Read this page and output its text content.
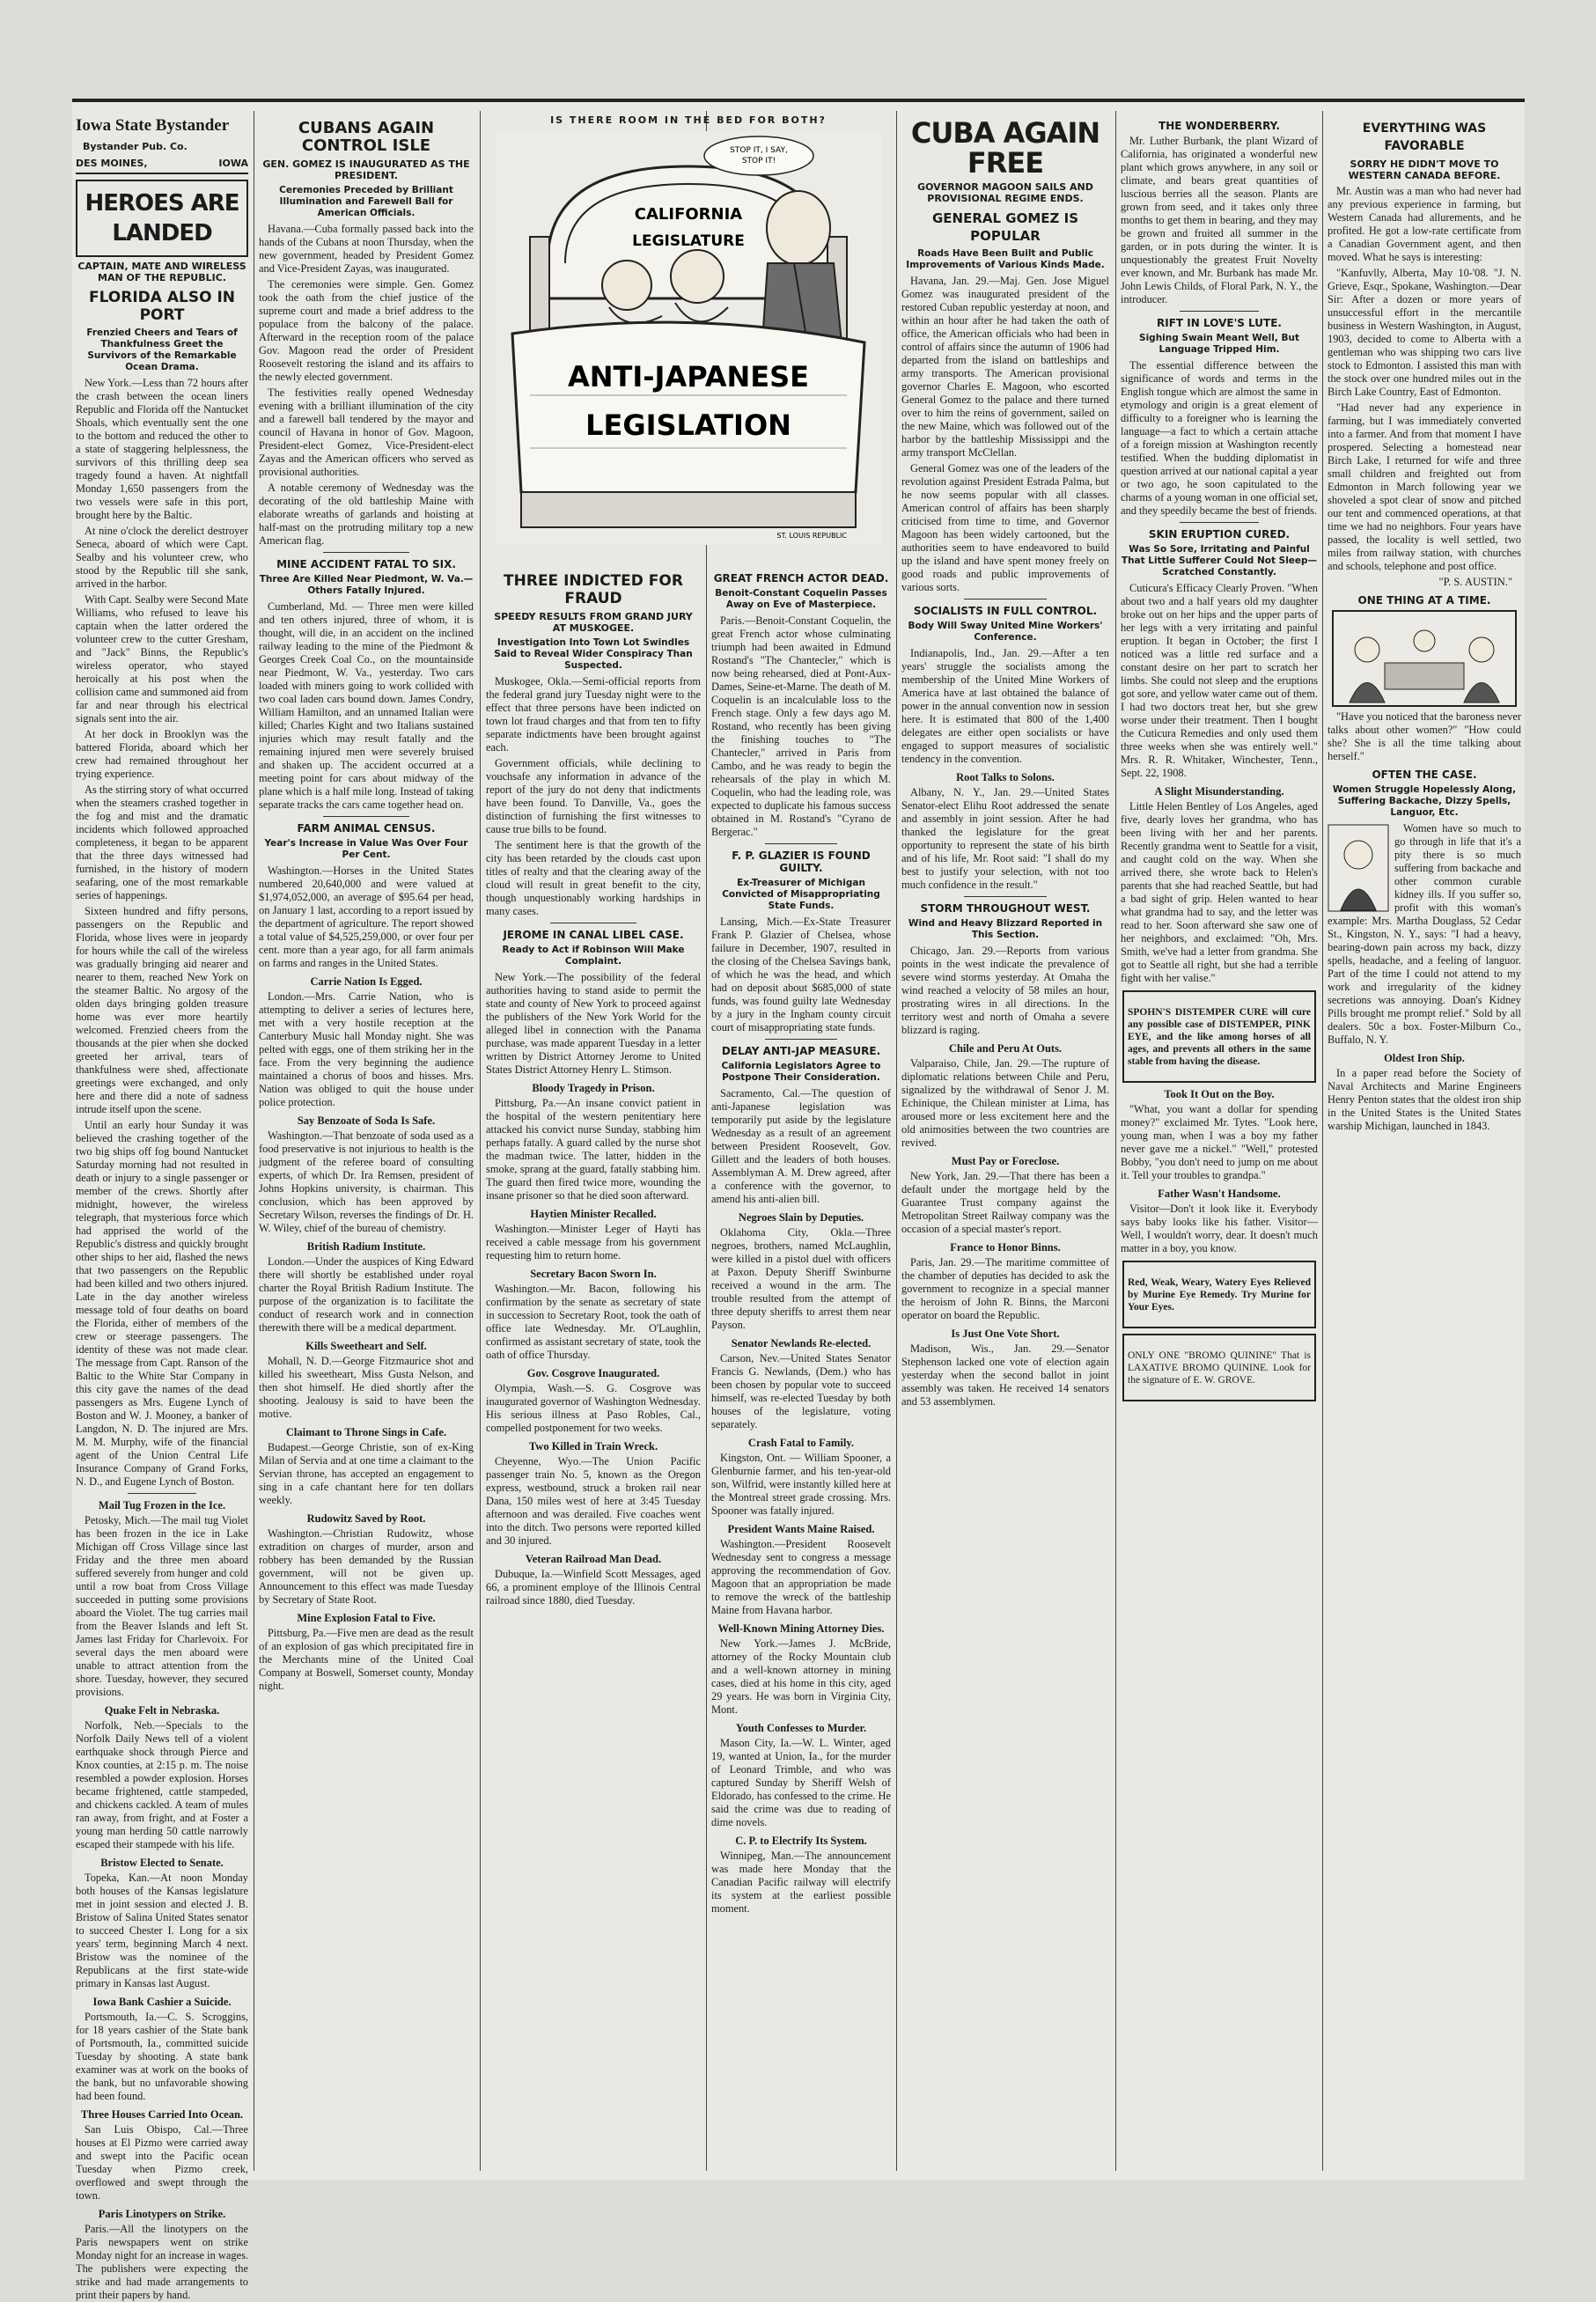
Iowa State Bystander
Bystander Pub. Co.
DES MOINES,	IOWA
HEROES ARE LANDED
CAPTAIN, MATE AND WIRELESS MAN OF THE REPUBLIC.
FLORIDA ALSO IN PORT
Frenzied Cheers and Tears of Thankfulness Greet the Survivors of the Remarkable Ocean Drama.

New York.—Less than 72 hours after the crash between the ocean liners Republic and Florida off the Nantucket Shoals, which eventually sent the one to the bottom and reduced the other to a state of staggering helplessness, the survivors of this thrilling deep sea tragedy found a haven. At nightfall Monday 1,650 passengers from the two vessels were safe in this port, brought here by the Baltic.

At nine o'clock the derelict destroyer Seneca, aboard of which were Capt. Sealby and his volunteer crew, who stood by the Republic till she sank, arrived in the harbor.

With Capt. Sealby were Second Mate Williams, who refused to leave his captain when the latter ordered the volunteer crew to the cutter Gresham, and "Jack" Binns, the Republic's wireless operator, who stayed heroically at his post when the collision came and summoned aid from far and near through his electrical signals sent into the air.

At her dock in Brooklyn was the battered Florida, aboard which her crew had remained throughout her trying experience.

As the stirring story of what occurred when the steamers crashed together in the fog and mist and the dramatic incidents which followed approached completeness, it began to be apparent that the three days witnessed had furnished, in the history of modern seafaring, one of the most remarkable series of happenings.

Sixteen hundred and fifty persons, passengers on the Republic and Florida, whose lives were in jeopardy for hours while the call of the wireless was gradually bringing aid nearer and nearer to them, reached New York on the steamer Baltic. No argosy of the olden days bringing golden treasure home was ever more heartily welcomed. Frenzied cheers from the thousands at the pier when she docked greeted her arrival, tears of thankfulness were shed, affectionate greetings were exchanged, and only here and there did a note of sadness intrude itself upon the scene.

Until an early hour Sunday it was believed the crashing together of the two big ships off fog bound Nantucket Saturday morning had not resulted in death or injury to a single passenger or member of the crews. Shortly after midnight, however, the wireless telegraph, that mysterious force which had apprised the world of the Republic's distress and quickly brought other ships to her aid, flashed the news that two passengers on the Republic had been killed and two others injured. Late in the day another wireless message told of four deaths on board the Florida, either of members of the crew or steerage passengers. The identity of these was not made clear. The message from Capt. Ranson of the Baltic to the White Star Company in this city gave the names of the dead passengers as Mrs. Eugene Lynch of Boston and W. J. Mooney, a banker of Langdon, N. D. The injured are Mrs. M. M. Murphy, wife of the financial agent of the Union Central Life Insurance Company of Grand Forks, N. D., and Eugene Lynch of Boston.

Mail Tug Frozen in the Ice.

Petosky, Mich.—The mail tug Violet has been frozen in the ice in Lake Michigan off Cross Village since last Friday and the three men aboard suffered severely from hunger and cold until a row boat from Cross Village succeeded in putting some provisions aboard the Violet. The tug carries mail from the Beaver Islands and left St. James last Friday for Charlevoix. For several days the men aboard were unable to attract attention from the shore. Tuesday, however, they secured provisions.

Quake Felt in Nebraska.

Norfolk, Neb.—Specials to the Norfolk Daily News tell of a violent earthquake shock through Pierce and Knox counties, at 2:15 p. m. The noise resembled a powder explosion. Horses became frightened, cattle stampeded, and chickens cackled. A team of mules ran away, from fright, and at Foster a young man herding 50 cattle narrowly escaped their stampede with his life.

Bristow Elected to Senate.

Topeka, Kan.—At noon Monday both houses of the Kansas legislature met in joint session and elected J. B. Bristow of Salina United States senator to succeed Chester I. Long for a six years' term, beginning March 4 next. Bristow was the nominee of the Republicans at the first state-wide primary in Kansas last August.

Iowa Bank Cashier a Suicide.

Portsmouth, Ia.—C. S. Scroggins, for 18 years cashier of the State bank of Portsmouth, Ia., committed suicide Tuesday by shooting. A state bank examiner was at work on the books of the bank, but no unfavorable showing had been found.

Three Houses Carried Into Ocean.

San Luis Obispo, Cal.—Three houses at El Pizmo were carried away and swept into the Pacific ocean Tuesday when Pizmo creek, overflowed and swept through the town.

Paris Linotypers on Strike.

Paris.—All the linotypers on the Paris newspapers went on strike Monday night for an increase in wages. The publishers were expecting the strike and had made arrangements to print their papers by hand.

CUBANS AGAIN CONTROL ISLE
GEN. GOMEZ IS INAUGURATED AS THE PRESIDENT.
Ceremonies Preceded by Brilliant Illumination and Farewell Ball for American Officials.

Havana.—Cuba formally passed back into the hands of the Cubans at noon Thursday, when the new government, headed by President Gomez and Vice-President Zayas, was inaugurated.

The ceremonies were simple. Gen. Gomez took the oath from the chief justice of the supreme court and made a brief address to the populace from the balcony of the palace. Afterward in the reception room of the palace Gov. Magoon read the order of President Roosevelt restoring the island and its affairs to the newly elected government.

The festivities really opened Wednesday evening with a brilliant illumination of the city and a farewell ball tendered by the mayor and council of Havana in honor of Gov. Magoon, President-elect Gomez, Vice-President-elect Zayas and the American officers who served as provisional authorities.

A notable ceremony of Wednesday was the decorating of the old battleship Maine with elaborate wreaths of garlands and hoisting at half-mast on the protruding military top a new American flag.

MINE ACCIDENT FATAL TO SIX.
Three Are Killed Near Piedmont, W. Va.—Others Fatally Injured.

Cumberland, Md. — Three men were killed and ten others injured, three of whom, it is thought, will die, in an accident on the inclined railway leading to the mine of the Piedmont & Georges Creek Coal Co., on the mountainside near Piedmont, W. Va., yesterday. Two cars loaded with miners going to work collided with two coal laden cars bound down. James Condry, William Hamilton, and an unnamed Italian were killed; Charles Kight and two Italians sustained injuries which may result fatally and the remaining injured men were severely bruised and shaken up. The accident occurred at a meeting point for cars about midway of the plane which is a half mile long. Instead of taking separate tracks the cars came together head on.

FARM ANIMAL CENSUS.
Year's Increase in Value Was Over Four Per Cent.

Washington.—Horses in the United States numbered 20,640,000 and were valued at $1,974,052,000, an average of $95.64 per head, on January 1 last, according to a report issued by the department of agriculture. The report showed a total value of $4,525,259,000, or over four per cent. more than a year ago, for all farm animals on farms and ranges in the United States.

Carrie Nation Is Egged.

London.—Mrs. Carrie Nation, who is attempting to deliver a series of lectures here, met with a very hostile reception at the Canterbury Music hall Monday night. She was pelted with eggs, one of them striking her in the face. From the very beginning the audience maintained a chorus of boos and hisses. Mrs. Nation was obliged to quit the house under police protection.

Say Benzoate of Soda Is Safe.

Washington.—That benzoate of soda used as a food preservative is not injurious to health is the judgment of the referee board of consulting experts, of which Dr. Ira Remsen, president of Johns Hopkins university, is chairman. This conclusion, which has been approved by Secretary Wilson, reverses the findings of Dr. H. W. Wiley, chief of the bureau of chemistry.

British Radium Institute.

London.—Under the auspices of King Edward there will shortly be established under royal charter the Royal British Radium Institute. The purpose of the organization is to facilitate the conduct of research work and in connection therewith there will be a medical department.

Kills Sweetheart and Self.

Mohall, N. D.—George Fitzmaurice shot and killed his sweetheart, Miss Gusta Nelson, and then shot himself. He died shortly after the shooting. Jealousy is said to have been the motive.

Claimant to Throne Sings in Cafe.

Budapest.—George Christie, son of ex-King Milan of Servia and at one time a claimant to the Servian throne, has accepted an engagement to sing in a cafe chantant here for ten dollars weekly.

Rudowitz Saved by Root.

Washington.—Christian Rudowitz, whose extradition on charges of murder, arson and robbery has been demanded by the Russian government, will not be given up. Announcement to this effect was made Tuesday by Secretary of State Root.

Mine Explosion Fatal to Five.

Pittsburg, Pa.—Five men are dead as the result of an explosion of gas which precipitated fire in the Merchants mine of the United Coal Company at Boswell, Somerset county, Monday night.

IS THERE ROOM IN THE BED FOR BOTH?
CALIFORNIA
LEGISLATURE
STOP IT, I SAY,
STOP IT!
ANTI-JAPANESE
LEGISLATION
ST. LOUIS REPUBLIC
THREE INDICTED FOR FRAUD
SPEEDY RESULTS FROM GRAND JURY AT MUSKOGEE.
Investigation Into Town Lot Swindles Said to Reveal Wider Conspiracy Than Suspected.

Muskogee, Okla.—Semi-official reports from the federal grand jury Tuesday night were to the effect that three persons have been indicted on town lot fraud charges and that from ten to fifty separate indictments have been brought against each.

Government officials, while declining to vouchsafe any information in advance of the report of the jury do not deny that indictments have been found. To Danville, Va., goes the distinction of furnishing the first witnesses to cause true bills to be found.

The sentiment here is that the growth of the city has been retarded by the clouds cast upon titles of realty and that the clearing away of the cloud will result in great benefit to the city, though unquestionably working hardships in many cases.

JEROME IN CANAL LIBEL CASE.
Ready to Act if Robinson Will Make Complaint.

New York.—The possibility of the federal authorities having to stand aside to permit the state and county of New York to proceed against the publishers of the New York World for the alleged libel in connection with the Panama purchase, was made apparent Tuesday in a letter written by District Attorney Jerome to United States District Attorney Henry L. Stimson.

Bloody Tragedy in Prison.

Pittsburg, Pa.—An insane convict patient in the hospital of the western penitentiary here attacked his convict nurse Sunday, stabbing him perhaps fatally. A guard called by the nurse shot the madman twice. The latter, hidden in the smoke, sprang at the guard, fatally stabbing him. The guard then fired twice more, wounding the insane prisoner so that he died soon afterward.

Haytien Minister Recalled.

Washington.—Minister Leger of Hayti has received a cable message from his government requesting him to return home.

Secretary Bacon Sworn In.

Washington.—Mr. Bacon, following his confirmation by the senate as secretary of state in succession to Secretary Root, took the oath of office late Wednesday. Mr. O'Laughlin, confirmed as assistant secretary of state, took the oath of office Thursday.

Gov. Cosgrove Inaugurated.

Olympia, Wash.—S. G. Cosgrove was inaugurated governor of Washington Wednesday. His serious illness at Paso Robles, Cal., compelled postponement for two weeks.

Two Killed in Train Wreck.

Cheyenne, Wyo.—The Union Pacific passenger train No. 5, known as the Oregon express, westbound, struck a broken rail near Dana, 150 miles west of here at 3:45 Tuesday afternoon and was derailed. Five coaches went into the ditch. Two persons were reported killed and 30 injured.

Veteran Railroad Man Dead.

Dubuque, Ia.—Winfield Scott Messages, aged 66, a prominent employe of the Illinois Central railroad since 1880, died Tuesday.

GREAT FRENCH ACTOR DEAD.
Benoit-Constant Coquelin Passes Away on Eve of Masterpiece.

Paris.—Benoit-Constant Coquelin, the great French actor whose culminating triumph had been awaited in Edmund Rostand's "The Chantecler," which is now being rehearsed, died at Pont-Aux-Dames, Seine-et-Marne. The death of M. Coquelin is an incalculable loss to the French stage. Only a few days ago M. Rostand, who recently has been giving the finishing touches to "The Chantecler," arrived in Paris from Cambo, and he was ready to begin the rehearsals of the play in which M. Coquelin, who had the leading role, was expected to duplicate his famous success obtained in M. Rostand's "Cyrano de Bergerac."

F. P. GLAZIER IS FOUND GUILTY.
Ex-Treasurer of Michigan Convicted of Misappropriating State Funds.

Lansing, Mich.—Ex-State Treasurer Frank P. Glazier of Chelsea, whose failure in December, 1907, resulted in the closing of the Chelsea Savings bank, of which he was the head, and which had on deposit about $685,000 of state funds, was found guilty late Wednesday by a jury in the Ingham county circuit court of misappropriating state funds.

DELAY ANTI-JAP MEASURE.
California Legislators Agree to Postpone Their Consideration.

Sacramento, Cal.—The question of anti-Japanese legislation was temporarily put aside by the legislature Wednesday as a result of an agreement between President Roosevelt, Gov. Gillett and the leaders of both houses. Assemblyman A. M. Drew agreed, after a conference with the governor, to amend his anti-alien bill.

Negroes Slain by Deputies.

Oklahoma City, Okla.—Three negroes, brothers, named McLaughlin, were killed in a pistol duel with officers at Paxon. Deputy Sheriff Swinburne received a wound in the arm. The trouble resulted from the attempt of three deputy sheriffs to arrest them near Payson.

Senator Newlands Re-elected.

Carson, Nev.—United States Senator Francis G. Newlands, (Dem.) who has been chosen by popular vote to succeed himself, was re-elected Tuesday by both houses of the legislature, voting separately.

Crash Fatal to Family.

Kingston, Ont. — William Spooner, a Glenburnie farmer, and his ten-year-old son, Wilfrid, were instantly killed here at the Montreal street grade crossing. Mrs. Spooner was fatally injured.

President Wants Maine Raised.

Washington.—President Roosevelt Wednesday sent to congress a message approving the recommendation of Gov. Magoon that an appropriation be made to remove the wreck of the battleship Maine from Havana harbor.

Well-Known Mining Attorney Dies.

New York.—James J. McBride, attorney of the Rocky Mountain club and a well-known attorney in mining cases, died at his home in this city, aged 29 years. He was born in Virginia City, Mont.

Youth Confesses to Murder.

Mason City, Ia.—W. L. Winter, aged 19, wanted at Union, Ia., for the murder of Leonard Trimble, and who was captured Sunday by Sheriff Welsh of Eldorado, has confessed to the crime. He said the crime was due to reading of dime novels.

C. P. to Electrify Its System.

Winnipeg, Man.—The announcement was made here Monday that the Canadian Pacific railway will electrify its system at the earliest possible moment.

CUBA AGAIN FREE
GOVERNOR MAGOON SAILS AND PROVISIONAL REGIME ENDS.
GENERAL GOMEZ IS POPULAR
Roads Have Been Built and Public Improvements of Various Kinds Made.

Havana, Jan. 29.—Maj. Gen. Jose Miguel Gomez was inaugurated president of the restored Cuban republic yesterday at noon, and within an hour after he had taken the oath of office, the American officials who had been in control of affairs since the autumn of 1906 had departed from the island on battleships and army transports. The American provisional governor Charles E. Magoon, who escorted General Gomez to the palace and there turned over to him the reins of government, sailed on the new Maine, which was followed out of the harbor by the battleship Mississippi and the army transport McClellan.

General Gomez was one of the leaders of the revolution against President Estrada Palma, but he now seems popular with all classes. American control of affairs has been sharply criticised from time to time, and Governor Magoon has been widely cartooned, but the authorities seem to have endeavored to build up the island and have spent money freely on good roads and public improvements of various sorts.

SOCIALISTS IN FULL CONTROL.
Body Will Sway United Mine Workers' Conference.

Indianapolis, Ind., Jan. 29.—After a ten years' struggle the socialists among the membership of the United Mine Workers of America have at last obtained the balance of power in the annual convention now in session here. It is estimated that 800 of the 1,400 delegates are either open socialists or have engaged to support measures of socialistic tendency in the convention.

Root Talks to Solons.

Albany, N. Y., Jan. 29.—United States Senator-elect Elihu Root addressed the senate and assembly in joint session. After he had thanked the legislature for the great opportunity to represent the state of his birth and of his life, Mr. Root said: "I shall do my best to justify your selection, with not too much confidence in the result."

STORM THROUGHOUT WEST.
Wind and Heavy Blizzard Reported in This Section.

Chicago, Jan. 29.—Reports from various points in the west indicate the prevalence of severe wind storms yesterday. At Omaha the wind reached a velocity of 58 miles an hour, prostrating wires in all directions. In the territory west and north of Omaha a severe blizzard is raging.

Chile and Peru At Outs.

Valparaiso, Chile, Jan. 29.—The rupture of diplomatic relations between Chile and Peru, signalized by the withdrawal of Senor J. M. Echinique, the Chilean minister at Lima, has aroused more or less excitement here and the old animosities between the two countries are revived.

Must Pay or Foreclose.

New York, Jan. 29.—That there has been a default under the mortgage held by the Guarantee Trust company against the Metropolitan Street Railway company was the occasion of a special master's report.

France to Honor Binns.

Paris, Jan. 29.—The maritime committee of the chamber of deputies has decided to ask the government to recognize in a special manner the heroism of John R. Binns, the Marconi operator on board the Republic.

Is Just One Vote Short.

Madison, Wis., Jan. 29.—Senator Stephenson lacked one vote of election again yesterday when the second ballot in joint assembly was taken. He received 14 senators and 53 assemblymen.

THE WONDERBERRY.

Mr. Luther Burbank, the plant Wizard of California, has originated a wonderful new plant which grows anywhere, in any soil or climate, and bears great quantities of luscious berries all the season. Plants are grown from seed, and it takes only three months to get them in bearing, and they may be grown and fruited all summer in the garden, or in pots during the winter. It is unquestionably the greatest Fruit Novelty ever known, and Mr. Burbank has made Mr. John Lewis Childs, of Floral Park, N. Y., the introducer.

RIFT IN LOVE'S LUTE.
Sighing Swain Meant Well, But Language Tripped Him.

The essential difference between the significance of words and terms in the English tongue which are almost the same in etymology and origin is a great element of difficulty to a foreigner who is learning the language—a fact to which a certain attache of a foreign mission at Washington recently testified. When the budding diplomatist in question arrived at our national capital a year or two ago, he soon capitulated to the charms of a young woman in one official set, and they speedily became the best of friends.

SKIN ERUPTION CURED.
Was So Sore, Irritating and Painful That Little Sufferer Could Not Sleep—Scratched Constantly.

Cuticura's Efficacy Clearly Proven. "When about two and a half years old my daughter broke out on her hips and the upper parts of her legs with a very irritating and painful eruption. It began in October; the first I noticed was a little red surface and a constant desire on her part to scratch her limbs. She could not sleep and the eruptions got sore, and yellow water came out of them. I had two doctors treat her, but she grew worse under their treatment. Then I bought the Cuticura Remedies and only used them three weeks when she was entirely well." Mrs. R. R. Whitaker, Winchester, Tenn., Sept. 22, 1908.

A Slight Misunderstanding.

Little Helen Bentley of Los Angeles, aged five, dearly loves her grandma, who has been living with her and her parents. Recently grandma went to Seattle for a visit, and caught cold on the way. When she arrived there, she wrote back to Helen's parents that she had reached Seattle, but had a bad sight of grip. Helen wanted to hear what grandma had to say, and the letter was read to her. Soon afterward she saw one of her neighbors, and exclaimed: "Oh, Mrs. Smith, we've had a letter from grandma. She got to Seattle all right, but she had a terrible fight with her valise."

SPOHN'S DISTEMPER CURE will cure any possible case of DISTEMPER, PINK EYE, and the like among horses of all ages, and prevents all others in the same stable from having the disease.

Took It Out on the Boy.

"What, you want a dollar for spending money?" exclaimed Mr. Tytes. "Look here, young man, when I was a boy my father never gave me a nickel." "Well," protested Bobby, "you don't need to jump on me about it. Tell your troubles to grandpa."

Father Wasn't Handsome.

Visitor—Don't it look like it. Everybody says baby looks like his father. Visitor—Well, I wouldn't worry, dear. It doesn't much matter in a boy, you know.

Red, Weak, Weary, Watery Eyes Relieved by Murine Eye Remedy. Try Murine for Your Eyes.

ONLY ONE "BROMO QUININE" That is LAXATIVE BROMO QUININE. Look for the signature of E. W. GROVE.

EVERYTHING WAS FAVORABLE
SORRY HE DIDN'T MOVE TO WESTERN CANADA BEFORE.

Mr. Austin was a man who had never had any previous experience in farming, but Western Canada had allurements, and he profited. He got a low-rate certificate from a Canadian Government agent, and then moved. What he says is interesting:

"Kanfuvlly, Alberta, May 10-'08. "J. N. Grieve, Esqr., Spokane, Washington.—Dear Sir: After a dozen or more years of unsuccessful effort in the mercantile business in Western Washington, in August, 1903, decided to come to Alberta with a gentleman who was shipping two cars live stock to Edmonton. I assisted this man with the stock over one hundred miles out in the Birch Lake Country, East of Edmonton.

"Had never had any experience in farming, but I was immediately converted into a farmer. And from that moment I have prospered. Selecting a homestead near Birch Lake, I returned for wife and three small children and freighted out from Edmonton in March following year we shoveled a spot clear of snow and pitched our tent and commenced operations, at that time we had no neighbors. Four years have passed, the locality is well settled, two miles from railway station, with churches and schools, telephone and post office.

"P. S. AUSTIN."
ONE THING AT A TIME.

"Have you noticed that the baroness never talks about other women?" "How could she? She is all the time talking about herself."

OFTEN THE CASE.
Women Struggle Hopelessly Along, Suffering Backache, Dizzy Spells, Languor, Etc.

Women have so much to go through in life that it's a pity there is so much suffering from backache and other common curable kidney ills. If you suffer so, profit with this woman's example: Mrs. Martha Douglass, 52 Cedar St., Kingston, N. Y., says: "I had a heavy, bearing-down pain across my back, dizzy spells, headache, and a feeling of languor. Part of the time I could not attend to my work and irregularity of the kidney secretions was annoying. Doan's Kidney Pills brought me prompt relief." Sold by all dealers. 50c a box. Foster-Milburn Co., Buffalo, N. Y.

Oldest Iron Ship.

In a paper read before the Society of Naval Architects and Marine Engineers Henry Penton states that the oldest iron ship in the United States is the United States warship Michigan, launched in 1843.
